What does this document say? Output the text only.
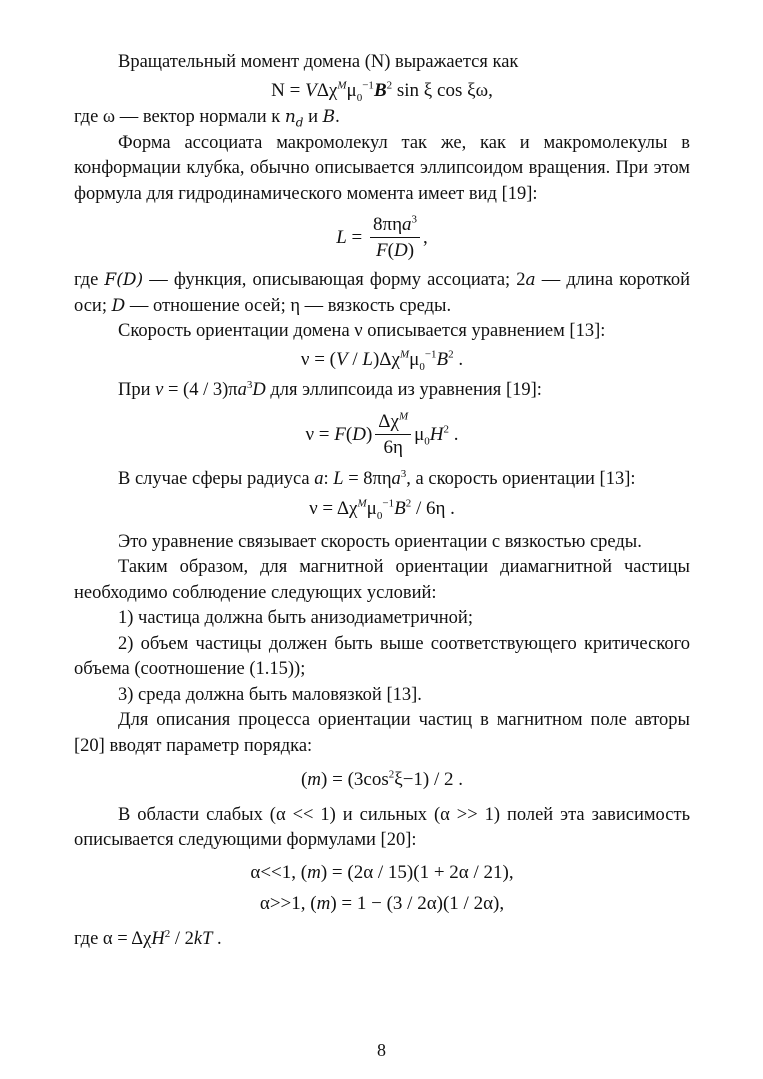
Вращательный момент домена (N) выражается как

$N = V\Delta\chi^M\mu_0^{-1}B^2$ sin ξ cos ξω,

где ω — вектор нормали к $n_d$ и B.

Форма ассоциата макромолекул так же, как и макромолекулы в конформации клубка, обычно описывается эллипсоидом вращения. При этом формула для гидродинамического момента имеет вид [19]:

$L = \frac{8\pi\eta a^3}{F(D)}$ ,

где F(D) — функция, описывающая форму ассоциата; 2a — длина короткой оси; D — отношение осей; η — вязкость среды.

Скорость ориентации домена ν описывается уравнением [13]:

$\nu = (V / L)\Delta\chi^M\mu_0^{-1}B^2$ .

При $v = (4 / 3)\pi a^3D$ для эллипсоида из уравнения [19]:

$\nu = F(D) \frac{\Delta\chi^M}{6\eta} \mu_0H^2$ .

В случае сферы радиуса a: L = 8πηa$^3$, а скорость ориентации [13]:

$\nu = \Delta\chi^M\mu_0^{-1}B^2 / 6\eta$ .

Это уравнение связывает скорость ориентации с вязкостью среды.

Таким образом, для магнитной ориентации диамагнитной частицы необходимо соблюдение следующих условий:

1) частица должна быть анизодиаметричной;

2) объем частицы должен быть выше соответствующего критического объема (соотношение (1.15));

3) среда должна быть маловязкой [13].

Для описания процесса ориентации частиц в магнитном поле авторы [20] вводят параметр порядка:

$(m) = (3\cos^2\xi-1) / 2$ .

В области слабых (α << 1) и сильных (α >> 1) полей эта зависимость описывается следующими формулами [20]:

α<<1, (m) = (2α / 15)(1 + 2α / 21),
α>>1, (m) = 1 − (3 / 2α)(1 / 2α),

где α = ΔχH$^2$ / 2kT .

8
